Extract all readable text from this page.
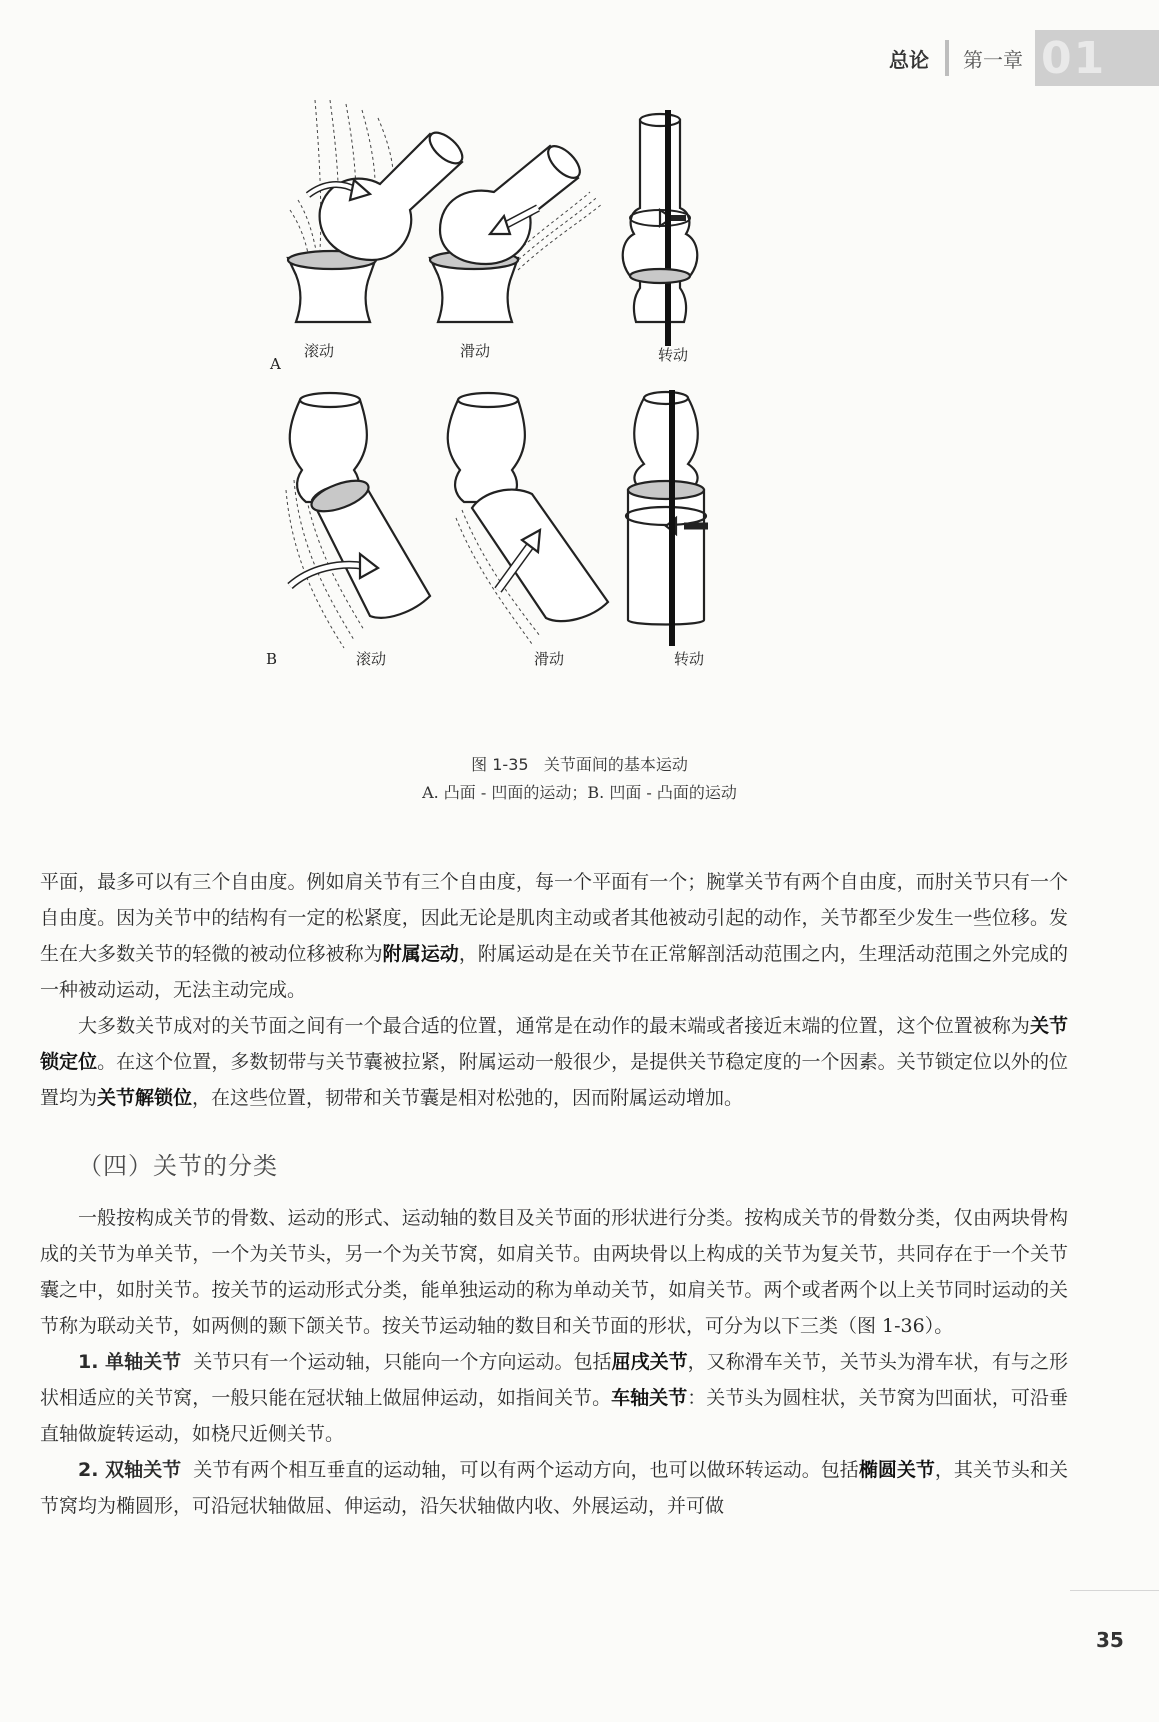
总论 第一章 01
A
滚动	滑动	转动
B	滚动	滑动	转动
图 1-35 关节面间的基本运动
A. 凸面 - 凹面的运动；B. 凹面 - 凸面的运动

平面，最多可以有三个自由度。例如肩关节有三个自由度，每一个平面有一个；腕掌关节有两个自由度，而肘关节只有一个自由度。因为关节中的结构有一定的松紧度，因此无论是肌肉主动或者其他被动引起的动作，关节都至少发生一些位移。发生在大多数关节的轻微的被动位移被称为附属运动，附属运动是在关节在正常解剖活动范围之内，生理活动范围之外完成的一种被动运动，无法主动完成。

大多数关节成对的关节面之间有一个最合适的位置，通常是在动作的最末端或者接近末端的位置，这个位置被称为关节锁定位。在这个位置，多数韧带与关节囊被拉紧，附属运动一般很少，是提供关节稳定度的一个因素。关节锁定位以外的位置均为关节解锁位，在这些位置，韧带和关节囊是相对松弛的，因而附属运动增加。

（四）关节的分类

一般按构成关节的骨数、运动的形式、运动轴的数目及关节面的形状进行分类。按构成关节的骨数分类，仅由两块骨构成的关节为单关节，一个为关节头，另一个为关节窝，如肩关节。由两块骨以上构成的关节为复关节，共同存在于一个关节囊之中，如肘关节。按关节的运动形式分类，能单独运动的称为单动关节，如肩关节。两个或者两个以上关节同时运动的关节称为联动关节，如两侧的颞下颌关节。按关节运动轴的数目和关节面的形状，可分为以下三类（图 1-36）。

1. 单轴关节 关节只有一个运动轴，只能向一个方向运动。包括屈戌关节，又称滑车关节，关节头为滑车状，有与之形状相适应的关节窝，一般只能在冠状轴上做屈伸运动，如指间关节。车轴关节：关节头为圆柱状，关节窝为凹面状，可沿垂直轴做旋转运动，如桡尺近侧关节。

2. 双轴关节 关节有两个相互垂直的运动轴，可以有两个运动方向，也可以做环转运动。包括椭圆关节，其关节头和关节窝均为椭圆形，可沿冠状轴做屈、伸运动，沿矢状轴做内收、外展运动，并可做

35
